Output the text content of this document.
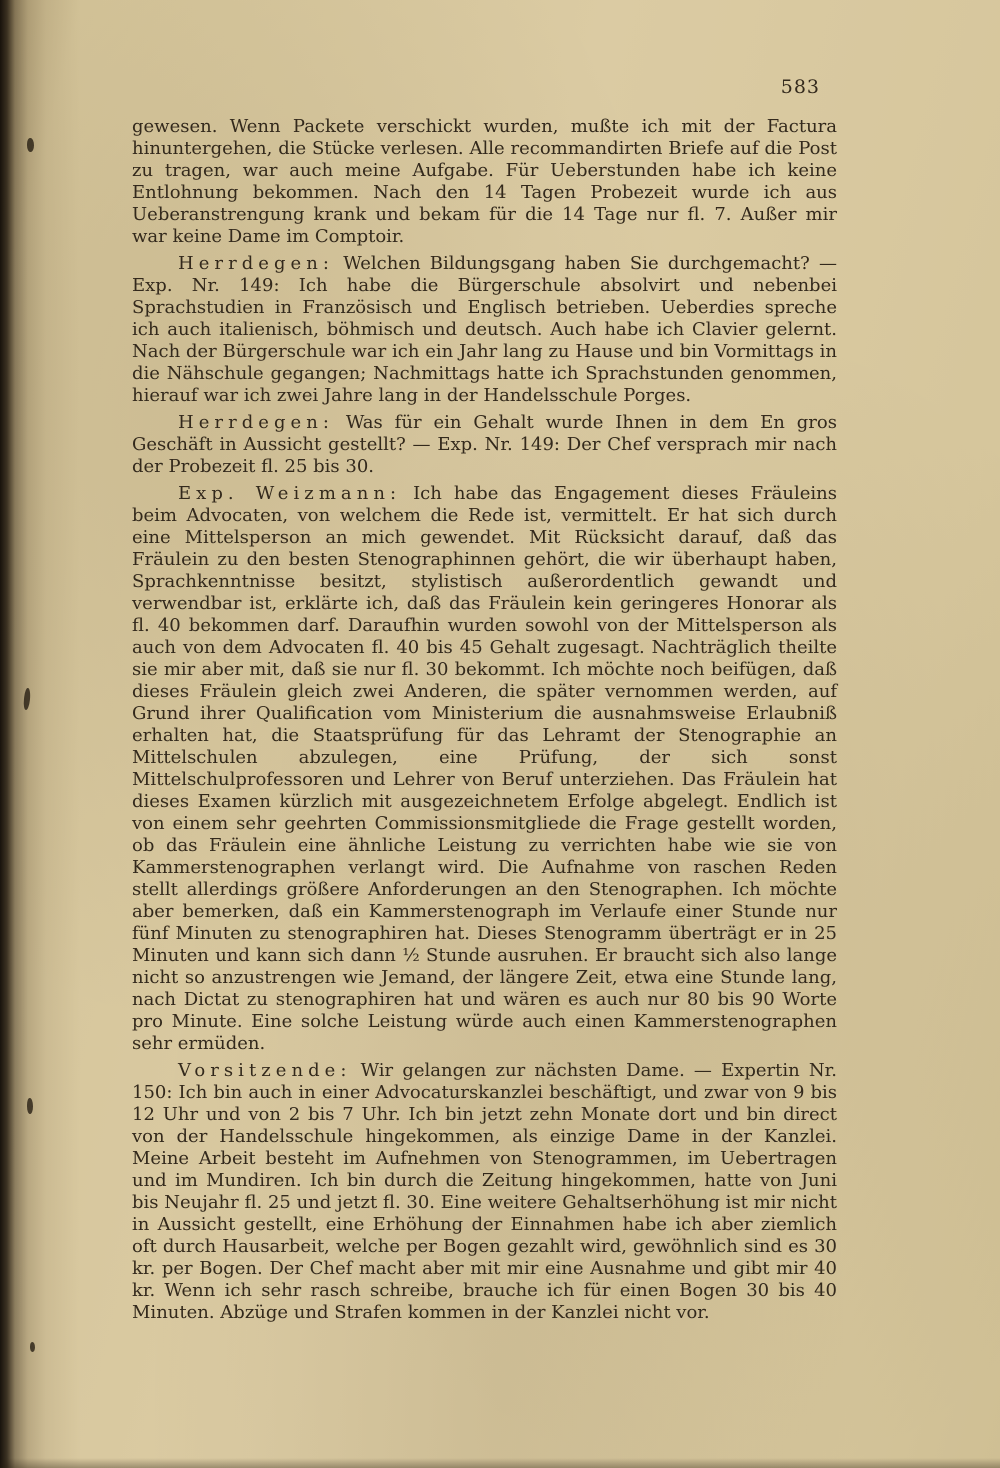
583

gewesen. Wenn Packete verschickt wurden, mußte ich mit der Factura hinuntergehen, die Stücke verlesen. Alle recommandirten Briefe auf die Post zu tragen, war auch meine Aufgabe. Für Ueberstunden habe ich keine Entlohnung bekommen. Nach den 14 Tagen Probezeit wurde ich aus Ueberanstrengung krank und bekam für die 14 Tage nur fl. 7. Außer mir war keine Dame im Comptoir.

Herrdegen: Welchen Bildungsgang haben Sie durchgemacht? — Exp. Nr. 149: Ich habe die Bürgerschule absolvirt und nebenbei Sprachstudien in Französisch und Englisch betrieben. Ueberdies spreche ich auch italienisch, böhmisch und deutsch. Auch habe ich Clavier gelernt. Nach der Bürgerschule war ich ein Jahr lang zu Hause und bin Vormittags in die Nähschule gegangen; Nachmittags hatte ich Sprachstunden genommen, hierauf war ich zwei Jahre lang in der Handelsschule Porges.

Herrdegen: Was für ein Gehalt wurde Ihnen in dem En gros Geschäft in Aussicht gestellt? — Exp. Nr. 149: Der Chef versprach mir nach der Probezeit fl. 25 bis 30.

Exp. Weizmann: Ich habe das Engagement dieses Fräuleins beim Advocaten, von welchem die Rede ist, vermittelt. Er hat sich durch eine Mittelsperson an mich gewendet. Mit Rücksicht darauf, daß das Fräulein zu den besten Stenographinnen gehört, die wir überhaupt haben, Sprachkenntnisse besitzt, stylistisch außerordentlich gewandt und verwendbar ist, erklärte ich, daß das Fräulein kein geringeres Honorar als fl. 40 bekommen darf. Daraufhin wurden sowohl von der Mittelsperson als auch von dem Advocaten fl. 40 bis 45 Gehalt zugesagt. Nachträglich theilte sie mir aber mit, daß sie nur fl. 30 bekommt. Ich möchte noch beifügen, daß dieses Fräulein gleich zwei Anderen, die später vernommen werden, auf Grund ihrer Qualification vom Ministerium die ausnahmsweise Erlaubniß erhalten hat, die Staatsprüfung für das Lehramt der Stenographie an Mittelschulen abzulegen, eine Prüfung, der sich sonst Mittelschulprofessoren und Lehrer von Beruf unterziehen. Das Fräulein hat dieses Examen kürzlich mit ausgezeichnetem Erfolge abgelegt. Endlich ist von einem sehr geehrten Commissionsmitgliede die Frage gestellt worden, ob das Fräulein eine ähnliche Leistung zu verrichten habe wie sie von Kammerstenographen verlangt wird. Die Aufnahme von raschen Reden stellt allerdings größere Anforderungen an den Stenographen. Ich möchte aber bemerken, daß ein Kammerstenograph im Verlaufe einer Stunde nur fünf Minuten zu stenographiren hat. Dieses Stenogramm überträgt er in 25 Minuten und kann sich dann ½ Stunde ausruhen. Er braucht sich also lange nicht so anzustrengen wie Jemand, der längere Zeit, etwa eine Stunde lang, nach Dictat zu stenographiren hat und wären es auch nur 80 bis 90 Worte pro Minute. Eine solche Leistung würde auch einen Kammerstenographen sehr ermüden.

Vorsitzende: Wir gelangen zur nächsten Dame. — Expertin Nr. 150: Ich bin auch in einer Advocaturskanzlei beschäftigt, und zwar von 9 bis 12 Uhr und von 2 bis 7 Uhr. Ich bin jetzt zehn Monate dort und bin direct von der Handelsschule hingekommen, als einzige Dame in der Kanzlei. Meine Arbeit besteht im Aufnehmen von Stenogrammen, im Uebertragen und im Mundiren. Ich bin durch die Zeitung hingekommen, hatte von Juni bis Neujahr fl. 25 und jetzt fl. 30. Eine weitere Gehaltserhöhung ist mir nicht in Aussicht gestellt, eine Erhöhung der Einnahmen habe ich aber ziemlich oft durch Hausarbeit, welche per Bogen gezahlt wird, gewöhnlich sind es 30 kr. per Bogen. Der Chef macht aber mit mir eine Ausnahme und gibt mir 40 kr. Wenn ich sehr rasch schreibe, brauche ich für einen Bogen 30 bis 40 Minuten. Abzüge und Strafen kommen in der Kanzlei nicht vor.
